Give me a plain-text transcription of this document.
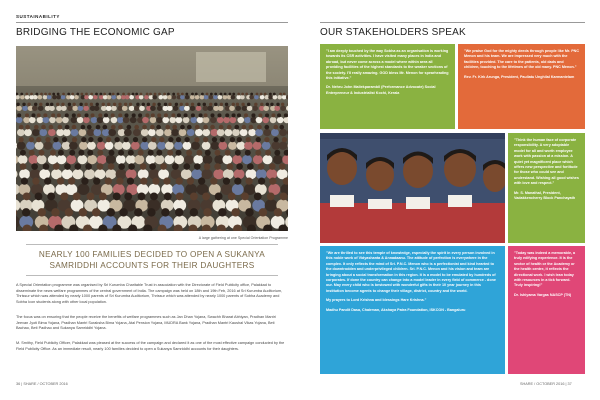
SUSTAINABILITY
BRIDGING THE ECONOMIC GAP
A large gathering at one Special Orientation Programme
NEARLY 100 FAMILIES DECIDED TO OPEN A SUKANYA SAMRIDDHI ACCOUNTS FOR THEIR DAUGHTERS
A Special Orientation programme was organised by Sri Kurumba Charitable Trust in association with the Directorate of Field Publicity office, Palakkad to disseminate the news welfare programmes of the central government of India. The campaign was held on 18th and 19th Feb, 2016 at Sri Kurumba Auditorium, Thrissur which was attended by nearly 1000 parents of Sri Kurumba Auditorium, Thrissur which was attended by nearly 1000 parents of Sobha Academy and Sobha Icon students along with other local population.
The focus was on ensuring that the people receive the benefits of welfare programmes such as Jan Dhan Yojana, Swachh Bharat Abhiyan, Pradhan Mantri Jeevan Jyoti Bima Yojana, Pradhan Mantri Suraksha Bima Yojana, Atal Pension Yojana, MUDRA Bank Yojana, Pradhan Mantri Kaushal Vikas Yojana, Beti Bachao, Beti Padhao and Sukanya Samriddhi Yojana.
M. Smithy, Field Publicity Officer, Palakkad was pleased at the success of the campaign and declared it as one of the most effective campaign conducted by the Field Publicity Office. As an immediate result, nearly 100 families decided to open a Sukanya Samriddhi accounts for their daughters.
36 | SHARE / OCTOBER 2016
OUR STAKEHOLDERS SPEAK
"I am deeply touched by the way Sobha as an organisation is working towards its CSR activities. I have visited many places in India and abroad, but never come across a model where within area all providing facilities of the highest standards to the weaker sections of the society. I'll really amazing. GOD bless Mr. Menon for spearheading this initiative."
Dr. Nehru John Maliekparambil (Performance Advocate) Social Entrepreneur & Industrialist Kochi, Kerala
"We praise God for the mighty deeds through people like Mr. PNC Menon and his team. We are impressed very much with the facilities provided. The care to the patients, old dads and children, touching to the lifetimes of the old many. PNC Menon."
Rev. Fr. Kirk Arunga, President, Pauliatu Unghilal Karmantelam
"Think the human face of corporate responsibility. A very adoptable model for all and worth employee work with passion at a mission. A quiet yet magnificent place which offers new perspective and fortitude for those who could see and understand. Wishing all good wishes with love and respect."
Mr. S. Manathal, President, Vadakkencherry Block Panchayath
"We are thrilled to see this temple of knowledge, especially the spirit in every person involved in this noble work of Vidyashanta & Annadaanu. The attitude of perfection is everywhere in the complex. It only reflects the mind of Sri. P.N.C. Menon who is a perfectionist and kind hearted to the downtrodden and underprivileged children. Sri. P.N.C. Menon and his vision and team are bringing about a social transformation in this region. It is a model to be emulated by hundreds of corporates. If done the country can change into a model leader in every field of commerce - done our. May every child who is bestowed with wonderful gifts in their 10 year journey in this institution become agents to change their village, district, country and the world.
My prayers to Lord Krishna and blessings Hare Krishna."
Madhu Pandit Dasa, Chairman, Akshaya Patra Foundation, ISKCON - Bangaluru
"Today was indeed a memorable, a truly edifying experience. It is the sector of health or the Academy or the health centre, it reflects the directional work. I wish lean today with resources in a tick forward. Truly inspiring!"
Dr. Ishiyama Vargas NASCP (TN)
SHARE / OCTOBER 2016 | 37
